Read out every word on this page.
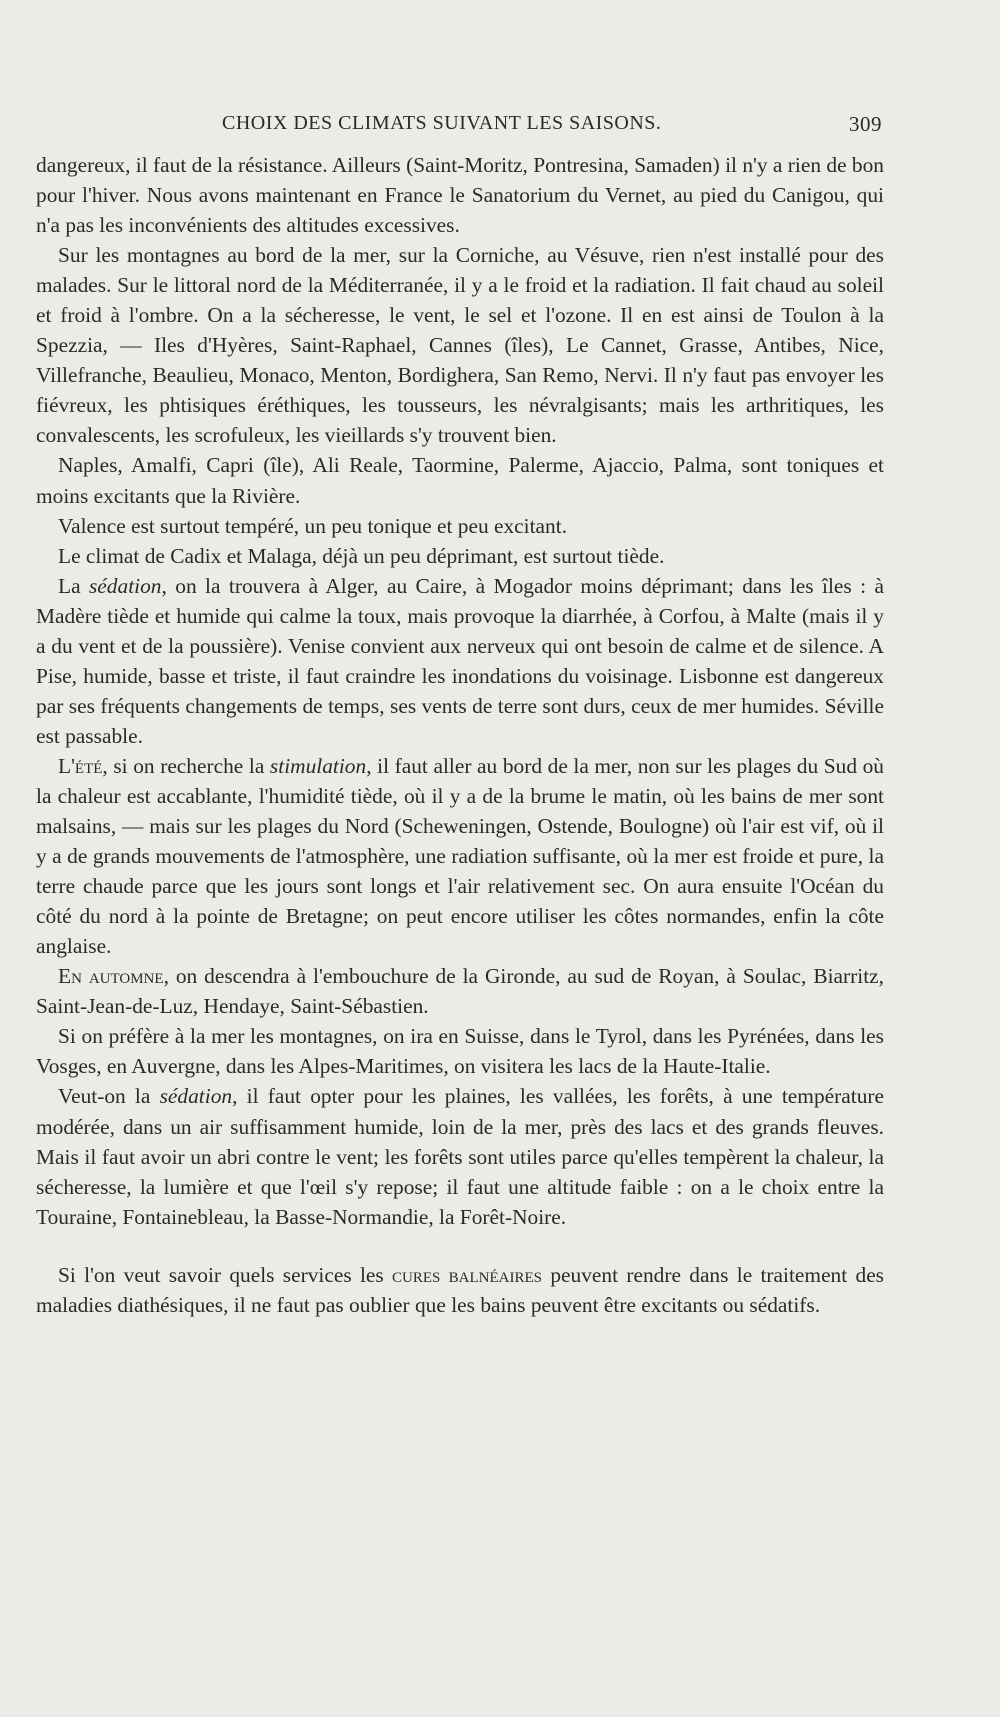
CHOIX DES CLIMATS SUIVANT LES SAISONS.	309

dangereux, il faut de la résistance. Ailleurs (Saint-Moritz, Pontresina, Samaden) il n'y a rien de bon pour l'hiver. Nous avons maintenant en France le Sanatorium du Vernet, au pied du Canigou, qui n'a pas les inconvénients des altitudes excessives.

Sur les montagnes au bord de la mer, sur la Corniche, au Vésuve, rien n'est installé pour des malades. Sur le littoral nord de la Méditerranée, il y a le froid et la radiation. Il fait chaud au soleil et froid à l'ombre. On a la sécheresse, le vent, le sel et l'ozone. Il en est ainsi de Toulon à la Spezzia, — Iles d'Hyères, Saint-Raphael, Cannes (îles), Le Cannet, Grasse, Antibes, Nice, Villefranche, Beaulieu, Monaco, Menton, Bordighera, San Remo, Nervi. Il n'y faut pas envoyer les fiévreux, les phtisiques éréthiques, les tousseurs, les névralgisants; mais les arthritiques, les convalescents, les scrofuleux, les vieillards s'y trouvent bien.

Naples, Amalfi, Capri (île), Ali Reale, Taormine, Palerme, Ajaccio, Palma, sont toniques et moins excitants que la Rivière.

Valence est surtout tempéré, un peu tonique et peu excitant.

Le climat de Cadix et Malaga, déjà un peu déprimant, est surtout tiède.

La sédation, on la trouvera à Alger, au Caire, à Mogador moins déprimant; dans les îles : à Madère tiède et humide qui calme la toux, mais provoque la diarrhée, à Corfou, à Malte (mais il y a du vent et de la poussière). Venise convient aux nerveux qui ont besoin de calme et de silence. A Pise, humide, basse et triste, il faut craindre les inondations du voisinage. Lisbonne est dangereux par ses fréquents changements de temps, ses vents de terre sont durs, ceux de mer humides. Séville est passable.

L'été, si on recherche la stimulation, il faut aller au bord de la mer, non sur les plages du Sud où la chaleur est accablante, l'humidité tiède, où il y a de la brume le matin, où les bains de mer sont malsains, — mais sur les plages du Nord (Scheweningen, Ostende, Boulogne) où l'air est vif, où il y a de grands mouvements de l'atmosphère, une radiation suffisante, où la mer est froide et pure, la terre chaude parce que les jours sont longs et l'air relativement sec. On aura ensuite l'Océan du côté du nord à la pointe de Bretagne; on peut encore utiliser les côtes normandes, enfin la côte anglaise.

En automne, on descendra à l'embouchure de la Gironde, au sud de Royan, à Soulac, Biarritz, Saint-Jean-de-Luz, Hendaye, Saint-Sébastien.

Si on préfère à la mer les montagnes, on ira en Suisse, dans le Tyrol, dans les Pyrénées, dans les Vosges, en Auvergne, dans les Alpes-Maritimes, on visitera les lacs de la Haute-Italie.

Veut-on la sédation, il faut opter pour les plaines, les vallées, les forêts, à une température modérée, dans un air suffisamment humide, loin de la mer, près des lacs et des grands fleuves. Mais il faut avoir un abri contre le vent; les forêts sont utiles parce qu'elles tempèrent la chaleur, la sécheresse, la lumière et que l'œil s'y repose; il faut une altitude faible : on a le choix entre la Touraine, Fontainebleau, la Basse-Normandie, la Forêt-Noire.

Si l'on veut savoir quels services les cures balnéaires peuvent rendre dans le traitement des maladies diathésiques, il ne faut pas oublier que les bains peuvent être excitants ou sédatifs.
